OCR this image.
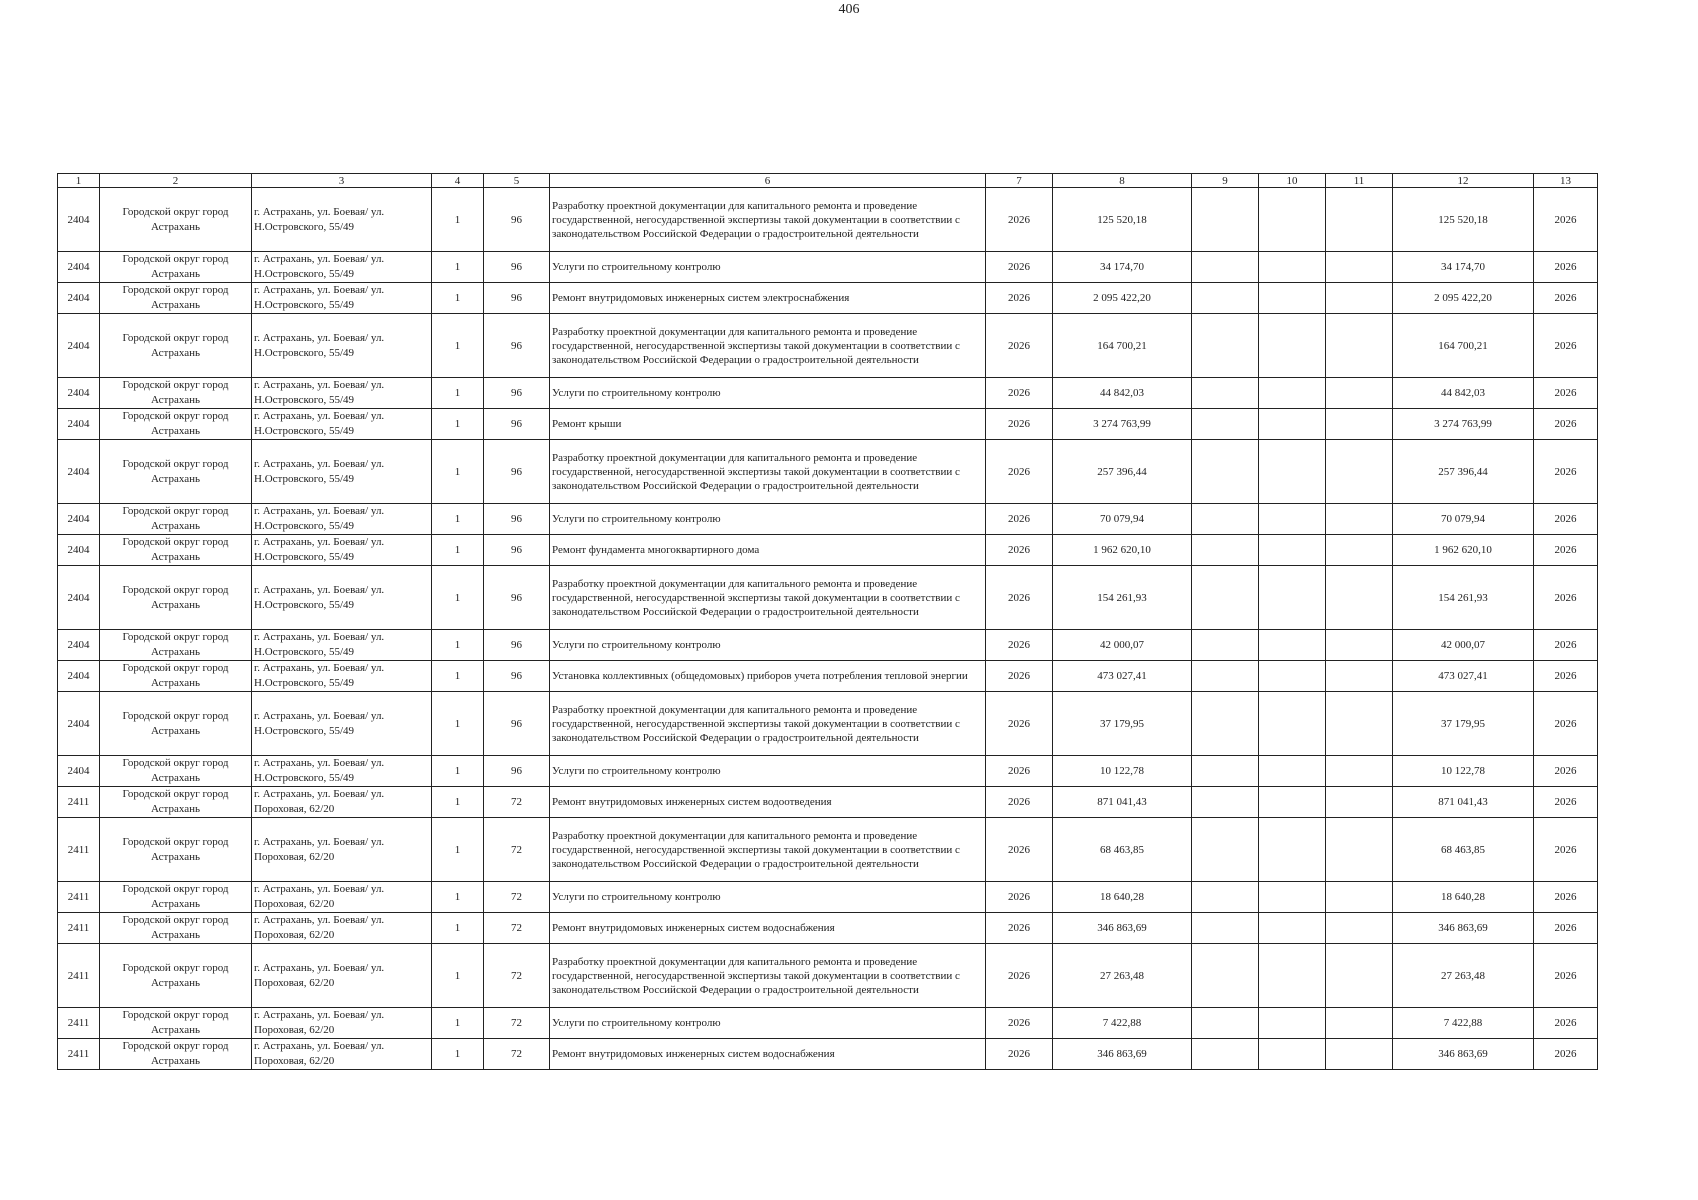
406
1	2	3	4	5	6	7	8	9	10	11	12	13
2404	Городской округ город Астрахань	г. Астрахань, ул. Боевая/ ул. Н.Островского, 55/49	1	96	Разработку проектной документации для капитального ремонта и проведение государственной, негосударственной экспертизы такой документации в соответствии с законодательством Российской Федерации о градостроительной деятельности	2026	125 520,18				125 520,18	2026
2404	Городской округ город Астрахань	г. Астрахань, ул. Боевая/ ул. Н.Островского, 55/49	1	96	Услуги по строительному контролю	2026	34 174,70				34 174,70	2026
2404	Городской округ город Астрахань	г. Астрахань, ул. Боевая/ ул. Н.Островского, 55/49	1	96	Ремонт внутридомовых инженерных систем электроснабжения	2026	2 095 422,20				2 095 422,20	2026
2404	Городской округ город Астрахань	г. Астрахань, ул. Боевая/ ул. Н.Островского, 55/49	1	96	Разработку проектной документации для капитального ремонта и проведение государственной, негосударственной экспертизы такой документации в соответствии с законодательством Российской Федерации о градостроительной деятельности	2026	164 700,21				164 700,21	2026
2404	Городской округ город Астрахань	г. Астрахань, ул. Боевая/ ул. Н.Островского, 55/49	1	96	Услуги по строительному контролю	2026	44 842,03				44 842,03	2026
2404	Городской округ город Астрахань	г. Астрахань, ул. Боевая/ ул. Н.Островского, 55/49	1	96	Ремонт крыши	2026	3 274 763,99				3 274 763,99	2026
2404	Городской округ город Астрахань	г. Астрахань, ул. Боевая/ ул. Н.Островского, 55/49	1	96	Разработку проектной документации для капитального ремонта и проведение государственной, негосударственной экспертизы такой документации в соответствии с законодательством Российской Федерации о градостроительной деятельности	2026	257 396,44				257 396,44	2026
2404	Городской округ город Астрахань	г. Астрахань, ул. Боевая/ ул. Н.Островского, 55/49	1	96	Услуги по строительному контролю	2026	70 079,94				70 079,94	2026
2404	Городской округ город Астрахань	г. Астрахань, ул. Боевая/ ул. Н.Островского, 55/49	1	96	Ремонт фундамента многоквартирного дома	2026	1 962 620,10				1 962 620,10	2026
2404	Городской округ город Астрахань	г. Астрахань, ул. Боевая/ ул. Н.Островского, 55/49	1	96	Разработку проектной документации для капитального ремонта и проведение государственной, негосударственной экспертизы такой документации в соответствии с законодательством Российской Федерации о градостроительной деятельности	2026	154 261,93				154 261,93	2026
2404	Городской округ город Астрахань	г. Астрахань, ул. Боевая/ ул. Н.Островского, 55/49	1	96	Услуги по строительному контролю	2026	42 000,07				42 000,07	2026
2404	Городской округ город Астрахань	г. Астрахань, ул. Боевая/ ул. Н.Островского, 55/49	1	96	Установка коллективных (общедомовых) приборов учета потребления тепловой энергии	2026	473 027,41				473 027,41	2026
2404	Городской округ город Астрахань	г. Астрахань, ул. Боевая/ ул. Н.Островского, 55/49	1	96	Разработку проектной документации для капитального ремонта и проведение государственной, негосударственной экспертизы такой документации в соответствии с законодательством Российской Федерации о градостроительной деятельности	2026	37 179,95				37 179,95	2026
2404	Городской округ город Астрахань	г. Астрахань, ул. Боевая/ ул. Н.Островского, 55/49	1	96	Услуги по строительному контролю	2026	10 122,78				10 122,78	2026
2411	Городской округ город Астрахань	г. Астрахань, ул. Боевая/ ул. Пороховая, 62/20	1	72	Ремонт внутридомовых инженерных систем водоотведения	2026	871 041,43				871 041,43	2026
2411	Городской округ город Астрахань	г. Астрахань, ул. Боевая/ ул. Пороховая, 62/20	1	72	Разработку проектной документации для капитального ремонта и проведение государственной, негосударственной экспертизы такой документации в соответствии с законодательством Российской Федерации о градостроительной деятельности	2026	68 463,85				68 463,85	2026
2411	Городской округ город Астрахань	г. Астрахань, ул. Боевая/ ул. Пороховая, 62/20	1	72	Услуги по строительному контролю	2026	18 640,28				18 640,28	2026
2411	Городской округ город Астрахань	г. Астрахань, ул. Боевая/ ул. Пороховая, 62/20	1	72	Ремонт внутридомовых инженерных систем водоснабжения	2026	346 863,69				346 863,69	2026
2411	Городской округ город Астрахань	г. Астрахань, ул. Боевая/ ул. Пороховая, 62/20	1	72	Разработку проектной документации для капитального ремонта и проведение государственной, негосударственной экспертизы такой документации в соответствии с законодательством Российской Федерации о градостроительной деятельности	2026	27 263,48				27 263,48	2026
2411	Городской округ город Астрахань	г. Астрахань, ул. Боевая/ ул. Пороховая, 62/20	1	72	Услуги по строительному контролю	2026	7 422,88				7 422,88	2026
2411	Городской округ город Астрахань	г. Астрахань, ул. Боевая/ ул. Пороховая, 62/20	1	72	Ремонт внутридомовых инженерных систем водоснабжения	2026	346 863,69				346 863,69	2026
